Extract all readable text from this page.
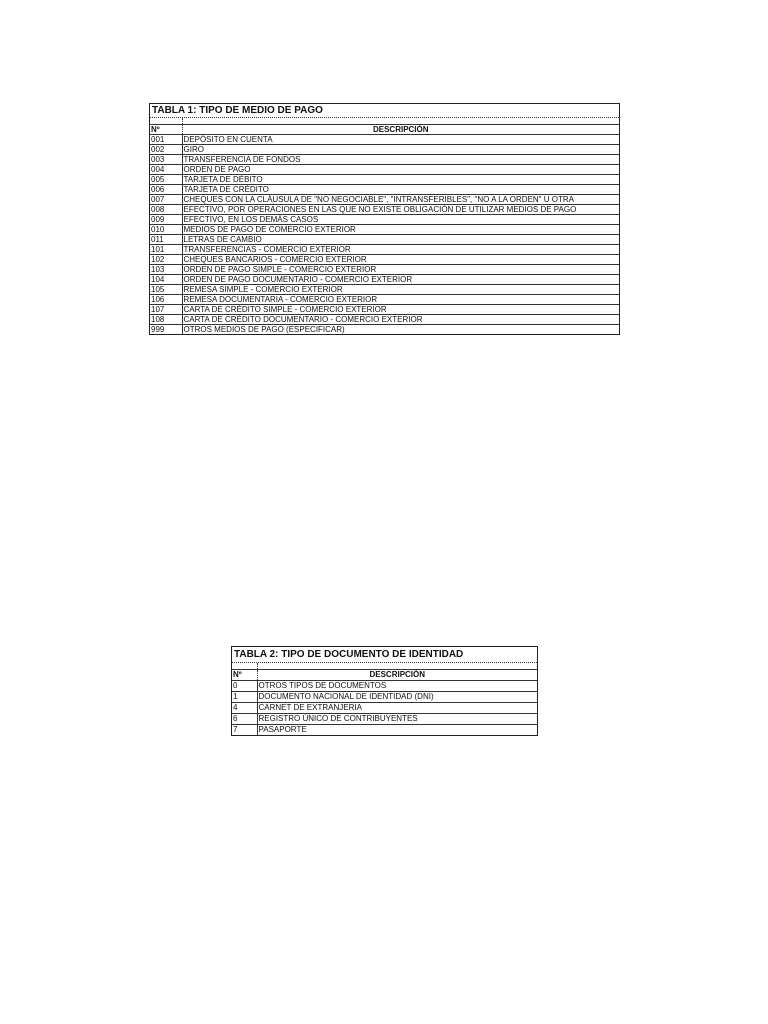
TABLA 1: TIPO DE MEDIO DE PAGO

Nº	DESCRIPCIÓN
001	DEPÓSITO EN CUENTA
002	GIRO
003	TRANSFERENCIA DE FONDOS
004	ORDEN DE PAGO
005	TARJETA DE DÉBITO
006	TARJETA DE CRÉDITO
007	CHEQUES CON LA CLÁUSULA DE "NO NEGOCIABLE", "INTRANSFERIBLES", "NO A LA ORDEN" U OTRA
008	EFECTIVO, POR OPERACIONES EN LAS QUE NO EXISTE OBLIGACIÓN DE UTILIZAR MEDIOS DE PAGO
009	EFECTIVO, EN LOS DEMÁS CASOS
010	MEDIOS DE PAGO DE COMERCIO EXTERIOR
011	LETRAS DE CAMBIO
101	TRANSFERENCIAS - COMERCIO EXTERIOR
102	CHEQUES BANCARIOS - COMERCIO EXTERIOR
103	ORDEN DE PAGO SIMPLE - COMERCIO EXTERIOR
104	ORDEN DE PAGO DOCUMENTARIO - COMERCIO EXTERIOR
105	REMESA SIMPLE - COMERCIO EXTERIOR
106	REMESA DOCUMENTARIA - COMERCIO EXTERIOR
107	CARTA DE CRÉDITO SIMPLE - COMERCIO EXTERIOR
108	CARTA DE CRÉDITO DOCUMENTARIO - COMERCIO EXTERIOR
999	OTROS MEDIOS DE PAGO (ESPECIFICAR)
TABLA 2: TIPO DE DOCUMENTO DE IDENTIDAD

Nº	DESCRIPCIÓN
0	OTROS TIPOS DE DOCUMENTOS
1	DOCUMENTO NACIONAL DE IDENTIDAD (DNI)
4	CARNET DE EXTRANJERIA
6	REGISTRO ÚNICO DE CONTRIBUYENTES
7	PASAPORTE
